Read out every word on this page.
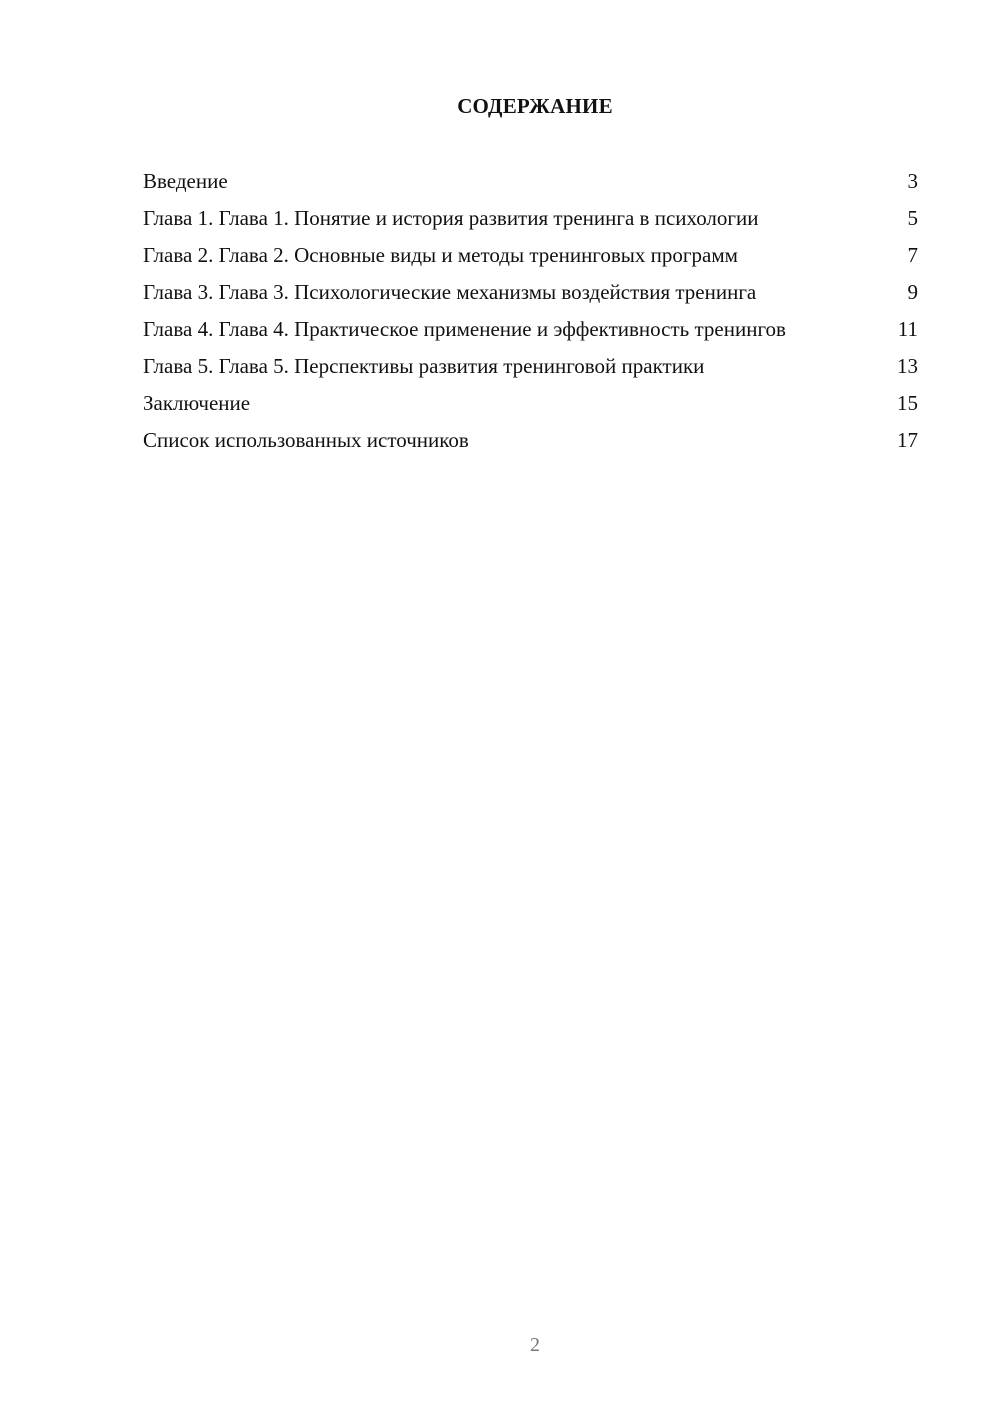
СОДЕРЖАНИЕ
Введение	3
Глава 1. Глава 1. Понятие и история развития тренинга в психологии	5
Глава 2. Глава 2. Основные виды и методы тренинговых программ	7
Глава 3. Глава 3. Психологические механизмы воздействия тренинга	9
Глава 4. Глава 4. Практическое применение и эффективность тренингов	11
Глава 5. Глава 5. Перспективы развития тренинговой практики	13
Заключение	15
Список использованных источников	17
2
